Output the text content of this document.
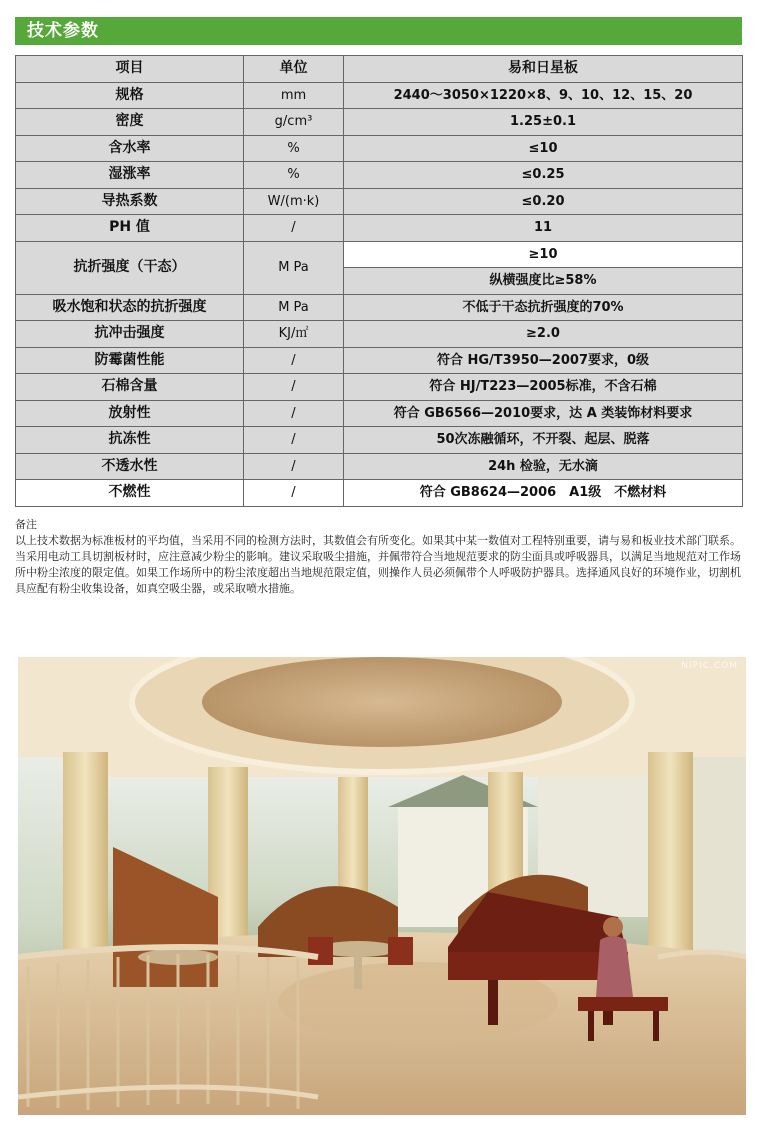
技术参数
项目	单位	易和日星板
规格	mm	2440～3050×1220×8、9、10、12、15、20
密度	g/cm³	1.25±0.1
含水率	%	≤10
湿涨率	%	≤0.25
导热系数	W/(m·k)	≤0.20
PH 值	/	11
抗折强度（干态）	M Pa	≥10
		纵横强度比≥58%
吸水饱和状态的抗折强度	M Pa	不低于干态抗折强度的70%
抗冲击强度	KJ/㎡	≥2.0
防霉菌性能	/	符合 HG/T3950—2007要求，0级
石棉含量	/	符合 HJ/T223—2005标准，不含石棉
放射性	/	符合 GB6566—2010要求，达 A 类装饰材料要求
抗冻性	/	50次冻融循环，不开裂、起层、脱落
不透水性	/	24h 检验，无水滴
不燃性	/	符合 GB8624—2006　A1级　不燃材料

备注

以上技术数据为标准板材的平均值，当采用不同的检测方法时，其数值会有所变化。如果其中某一数值对工程特别重要，请与易和板业技术部门联系。

当采用电动工具切割板材时，应注意减少粉尘的影响。建议采取吸尘措施，并佩带符合当地规范要求的防尘面具或呼吸器具，以满足当地规范对工作场所中粉尘浓度的限定值。如果工作场所中的粉尘浓度超出当地规范限定值，则操作人员必须佩带个人呼吸防护器具。选择通风良好的环境作业，切割机具应配有粉尘收集设备，如真空吸尘器，或采取喷水措施。

NIPIC.COM
